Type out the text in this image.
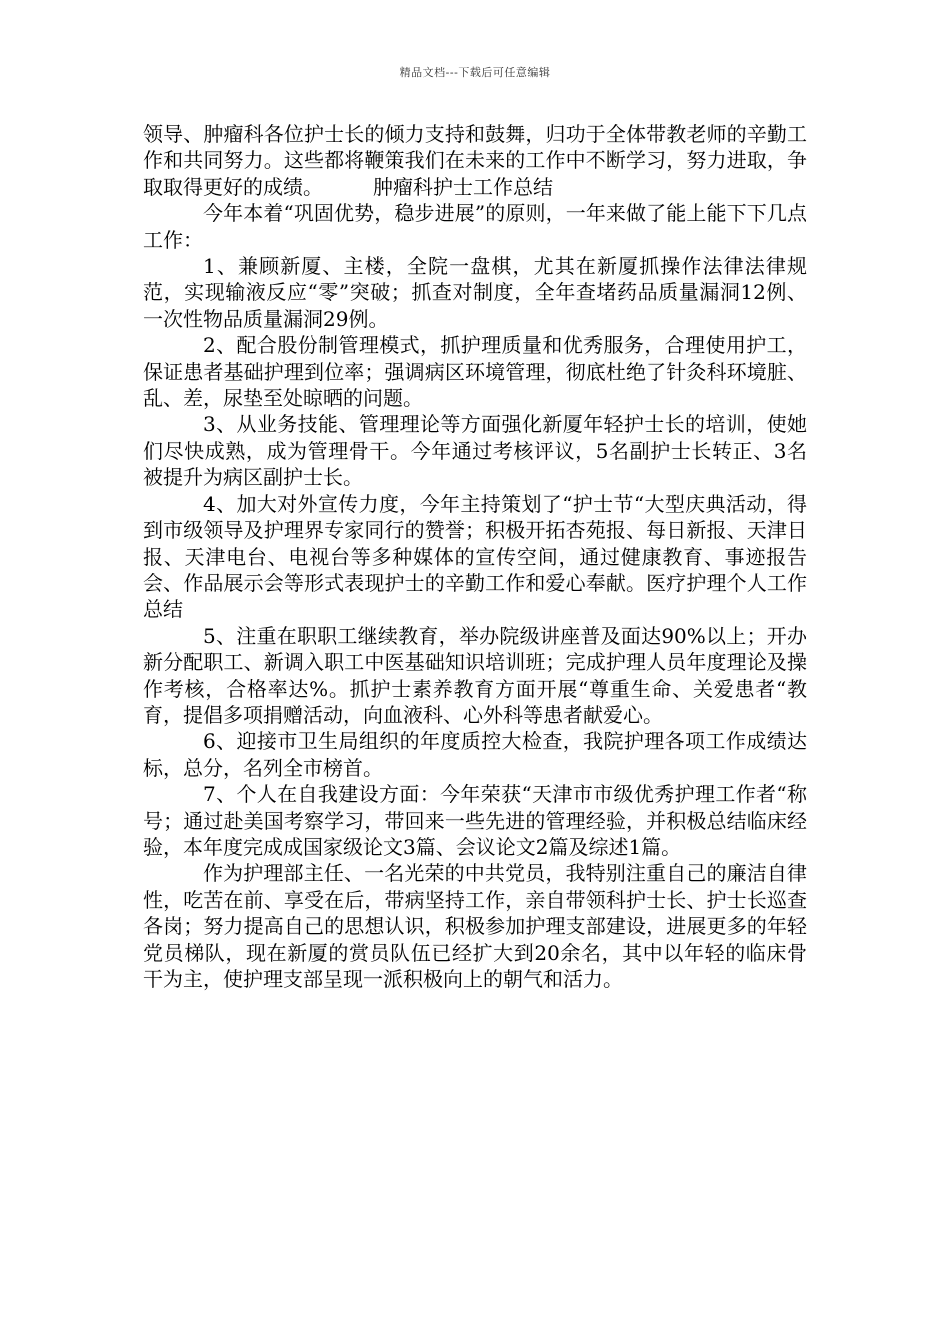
精品文档---下载后可任意编辑

领导、肿瘤科各位护士长的倾力支持和鼓舞，归功于全体带教老师的辛勤工作和共同努力。这些都将鞭策我们在未来的工作中不断学习，努力进取，争取取得更好的成绩。　　　肿瘤科护士工作总结

今年本着“巩固优势，稳步进展”的原则，一年来做了能上能下下几点工作：

1、兼顾新厦、主楼，全院一盘棋，尤其在新厦抓操作法律法律规范，实现输液反应“零”突破；抓查对制度，全年查堵药品质量漏洞12例、一次性物品质量漏洞29例。

2、配合股份制管理模式，抓护理质量和优秀服务，合理使用护工，保证患者基础护理到位率；强调病区环境管理，彻底杜绝了针灸科环境脏、乱、差，尿垫至处晾晒的问题。

3、从业务技能、管理理论等方面强化新厦年轻护士长的培训，使她们尽快成熟，成为管理骨干。今年通过考核评议，5名副护士长转正、3名被提升为病区副护士长。

4、加大对外宣传力度，今年主持策划了“护士节“大型庆典活动，得到市级领导及护理界专家同行的赞誉；积极开拓杏苑报、每日新报、天津日报、天津电台、电视台等多种媒体的宣传空间，通过健康教育、事迹报告会、作品展示会等形式表现护士的辛勤工作和爱心奉献。医疗护理个人工作总结

5、注重在职职工继续教育，举办院级讲座普及面达90%以上；开办新分配职工、新调入职工中医基础知识培训班；完成护理人员年度理论及操作考核，合格率达%。抓护士素养教育方面开展“尊重生命、关爱患者“教育，提倡多项捐赠活动，向血液科、心外科等患者献爱心。

6、迎接市卫生局组织的年度质控大检查，我院护理各项工作成绩达标，总分，名列全市榜首。

7、个人在自我建设方面：今年荣获“天津市市级优秀护理工作者“称号；通过赴美国考察学习，带回来一些先进的管理经验，并积极总结临床经验，本年度完成成国家级论文3篇、会议论文2篇及综述1篇。

作为护理部主任、一名光荣的中共党员，我特别注重自己的廉洁自律性，吃苦在前、享受在后，带病坚持工作，亲自带领科护士长、护士长巡查各岗；努力提高自己的思想认识，积极参加护理支部建设，进展更多的年轻党员梯队，现在新厦的赏员队伍已经扩大到20余名，其中以年轻的临床骨干为主，使护理支部呈现一派积极向上的朝气和活力。
